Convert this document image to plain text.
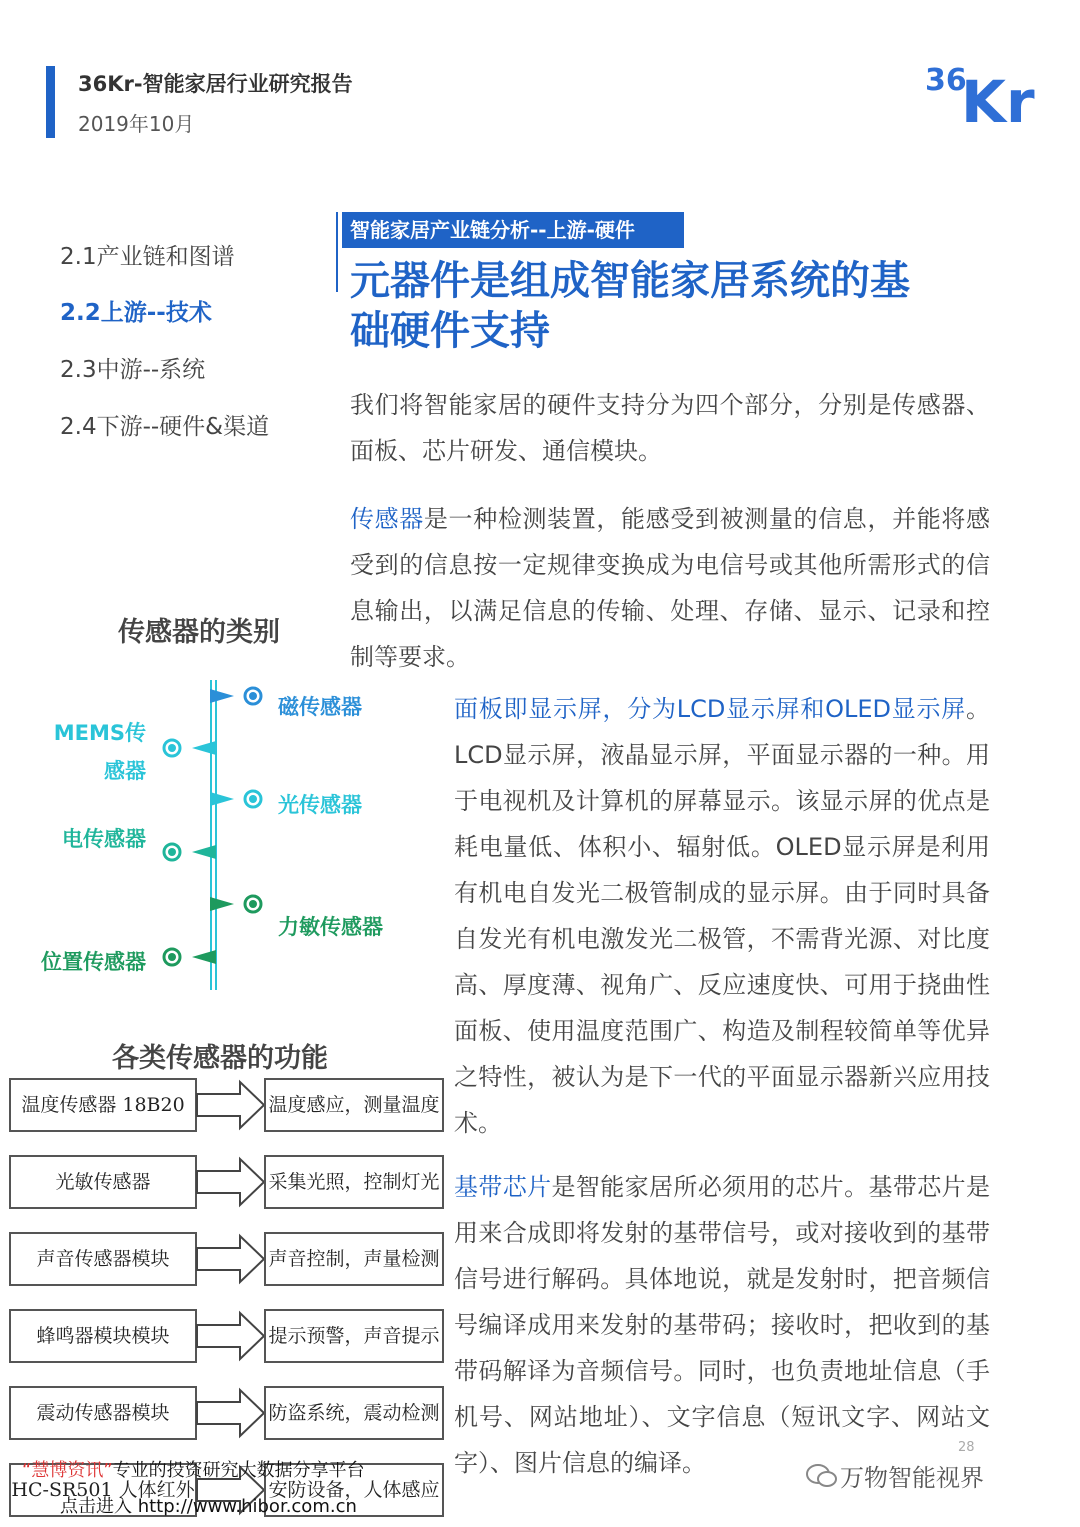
36Kr-智能家居行业研究报告
2019年10月
36
Kr
2.1产业链和图谱
2.2上游--技术
2.3中游--系统
2.4下游--硬件&渠道
智能家居产业链分析--上游-硬件
元器件是组成智能家居系统的基
础硬件支持
我们将智能家居的硬件支持分为四个部分，分别是传感器、面板、芯片研发、通信模块。
传感器是一种检测装置，能感受到被测量的信息，并能将感受到的信息按一定规律变换成为电信号或其他所需形式的信息输出，以满足信息的传输、处理、存储、显示、记录和控制等要求。
面板即显示屏，分为LCD显示屏和OLED显示屏。LCD显示屏，液晶显示屏，平面显示器的一种。用于电视机及计算机的屏幕显示。该显示屏的优点是耗电量低、体积小、辐射低。OLED显示屏是利用有机电自发光二极管制成的显示屏。由于同时具备自发光有机电激发光二极管，不需背光源、对比度高、厚度薄、视角广、反应速度快、可用于挠曲性面板、使用温度范围广、构造及制程较简单等优异之特性，被认为是下一代的平面显示器新兴应用技术。
基带芯片是智能家居所必须用的芯片。基带芯片是用来合成即将发射的基带信号，或对接收到的基带信号进行解码。具体地说，就是发射时，把音频信号编译成用来发射的基带码；接收时，把收到的基带码解译为音频信号。同时，也负责地址信息（手机号、网站地址）、文字信息（短讯文字、网站文字）、图片信息的编译。
传感器的类别
磁传感器
光传感器
力敏传感器
MEMS传感器
电传感器
位置传感器
各类传感器的功能
温度传感器 18B20	温度感应，测量温度
光敏传感器	采集光照，控制灯光
声音传感器模块	声音控制，声量检测
蜂鸣器模块模块	提示预警，声音提示
震动传感器模块	防盗系统，震动检测
HC-SR501 人体红外	安防设备，人体感应
“慧博资讯”专业的投资研究大数据分享平台
点击进入 http://www.hibor.com.cn
28
万物智能视界
